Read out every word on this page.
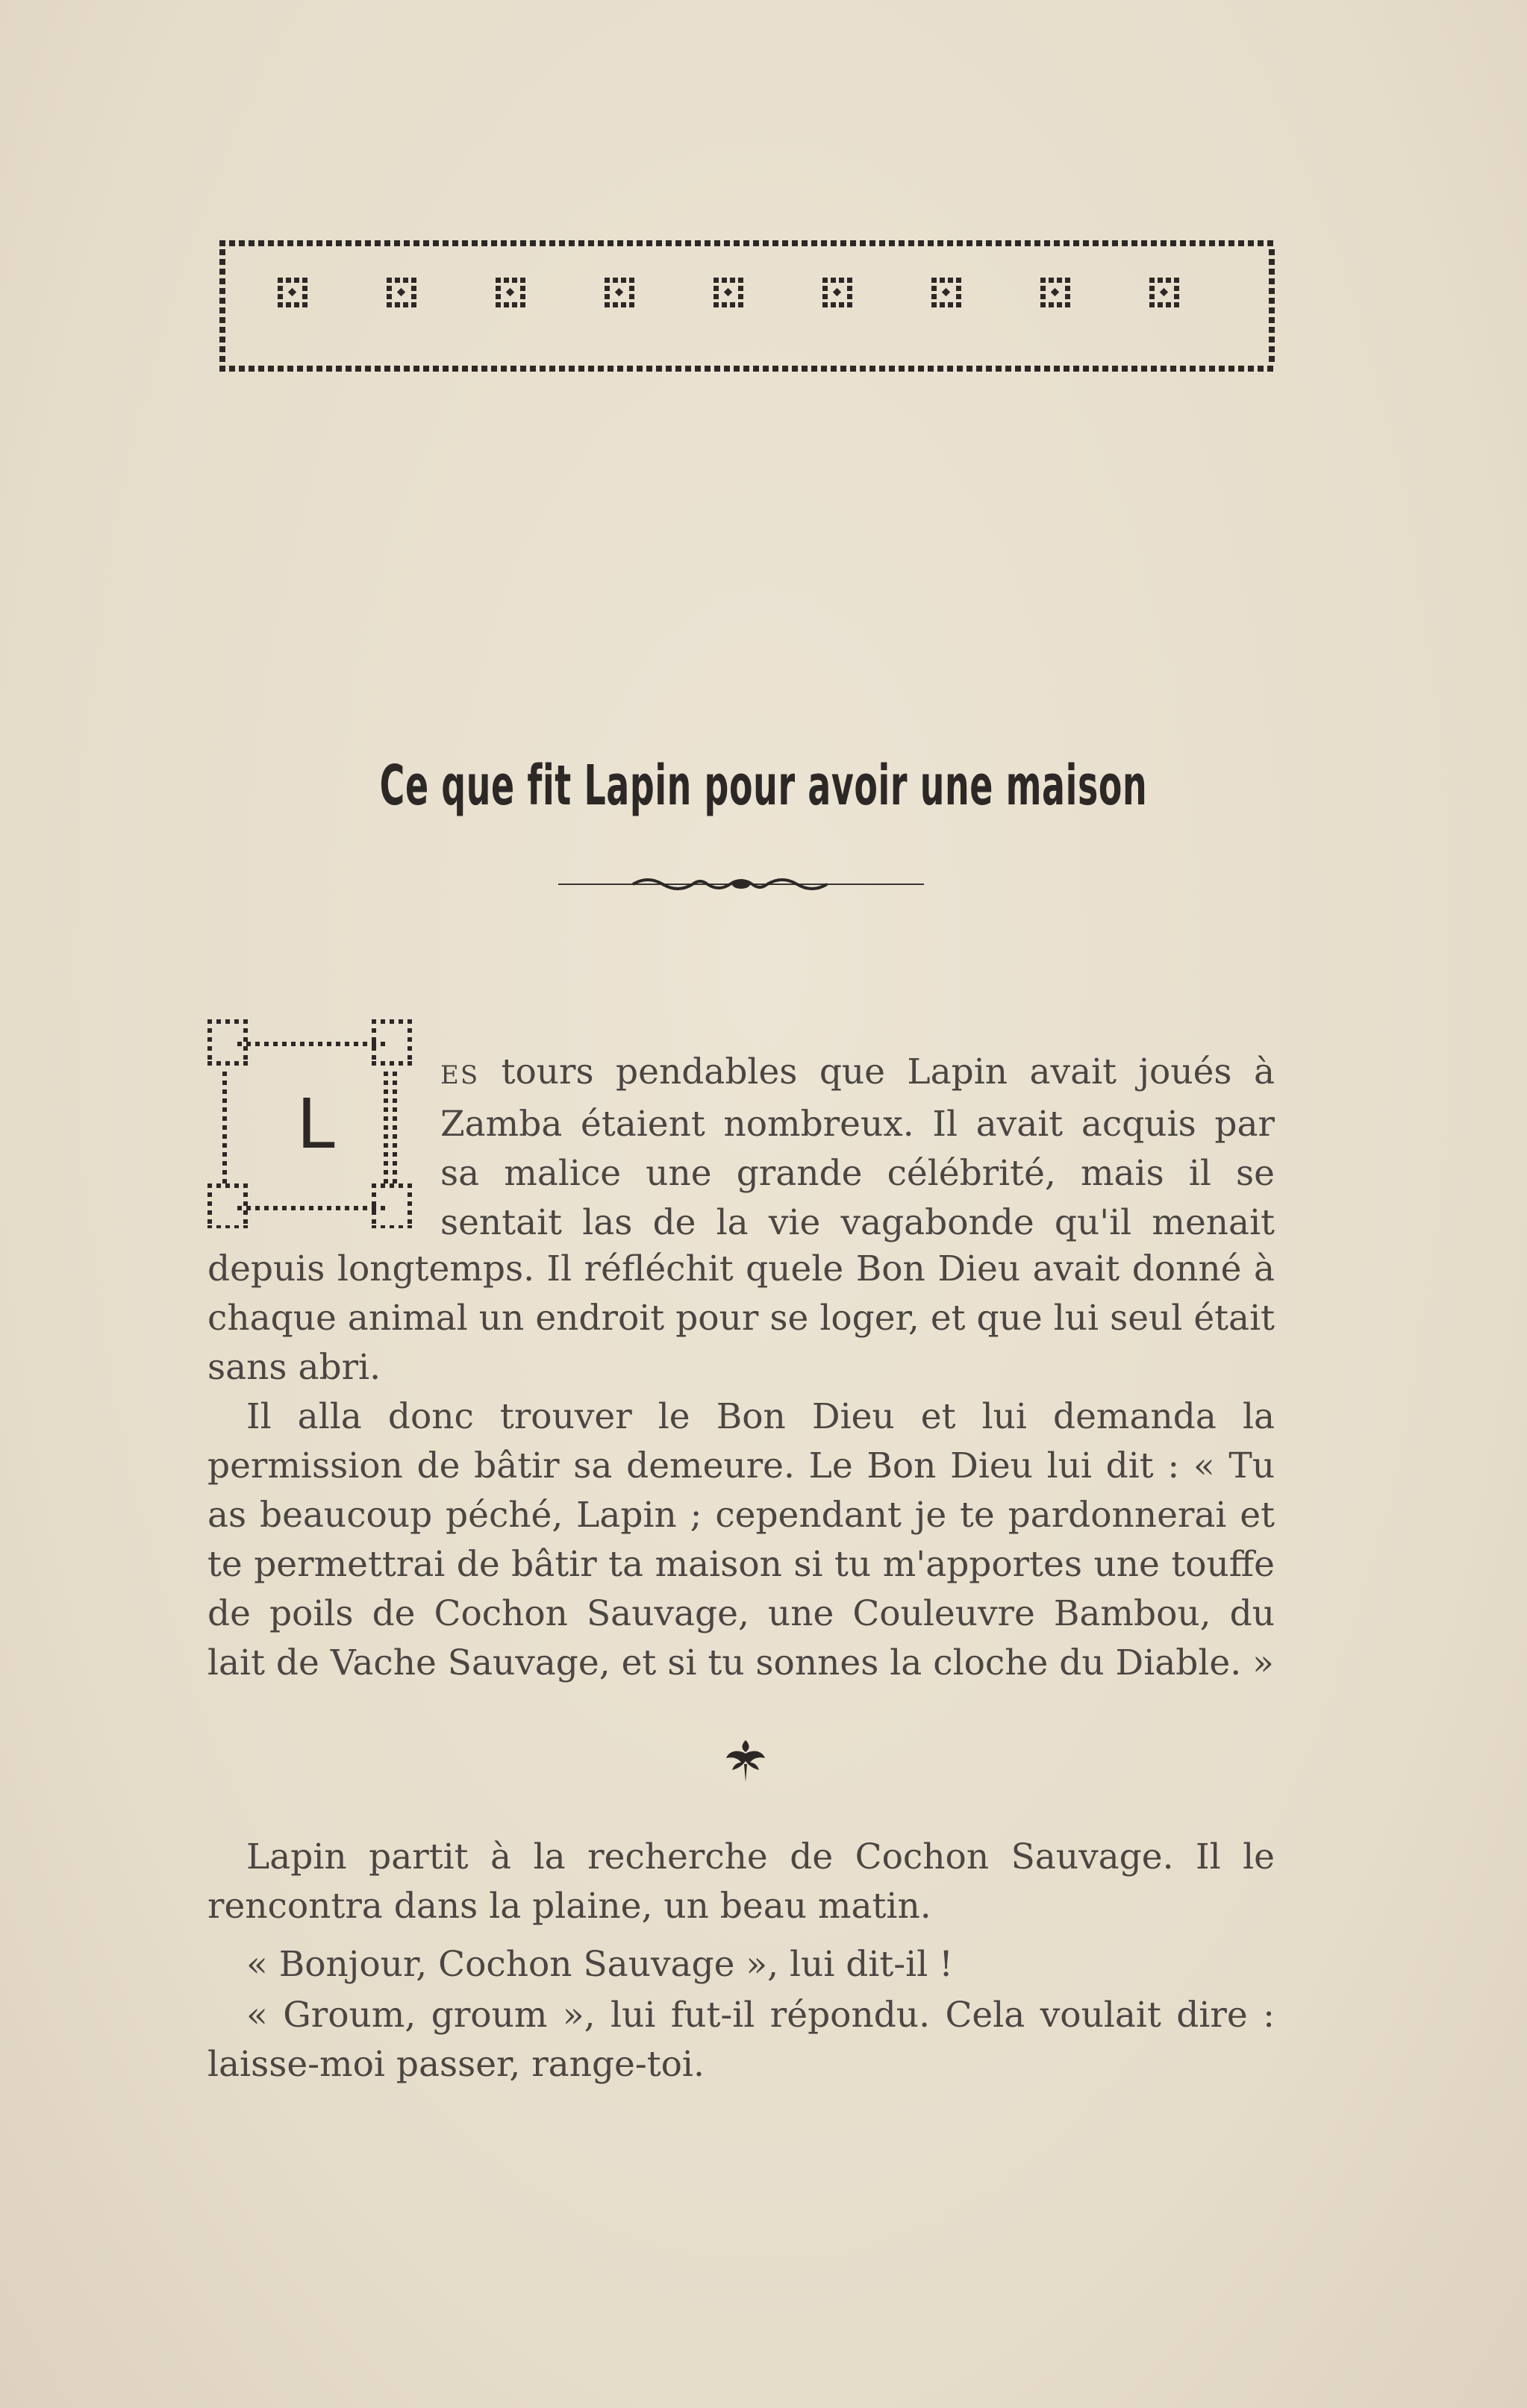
Ce que fit Lapin pour avoir une maison
L
ES tours pendables que Lapin avait joués à
Zamba étaient nombreux. Il avait acquis par
sa malice une grande célébrité, mais il se
sentait las de la vie vagabonde qu'il menait

depuis longtemps. Il réfléchit quele Bon Dieu avait donné à chaque animal un endroit pour se loger, et que lui seul était sans abri.

Il alla donc trouver le Bon Dieu et lui demanda la permission de bâtir sa demeure. Le Bon Dieu lui dit : « Tu as beaucoup péché, Lapin ; cependant je te pardonnerai et te permettrai de bâtir ta maison si tu m'apportes une touffe de poils de Cochon Sauvage, une Couleuvre Bambou, du lait de Vache Sauvage, et si tu sonnes la cloche du Diable. »

Lapin partit à la recherche de Cochon Sauvage. Il le rencontra dans la plaine, un beau matin.

« Bonjour, Cochon Sauvage », lui dit-il !

« Groum, groum », lui fut-il répondu. Cela voulait dire : laisse-moi passer, range-toi.
